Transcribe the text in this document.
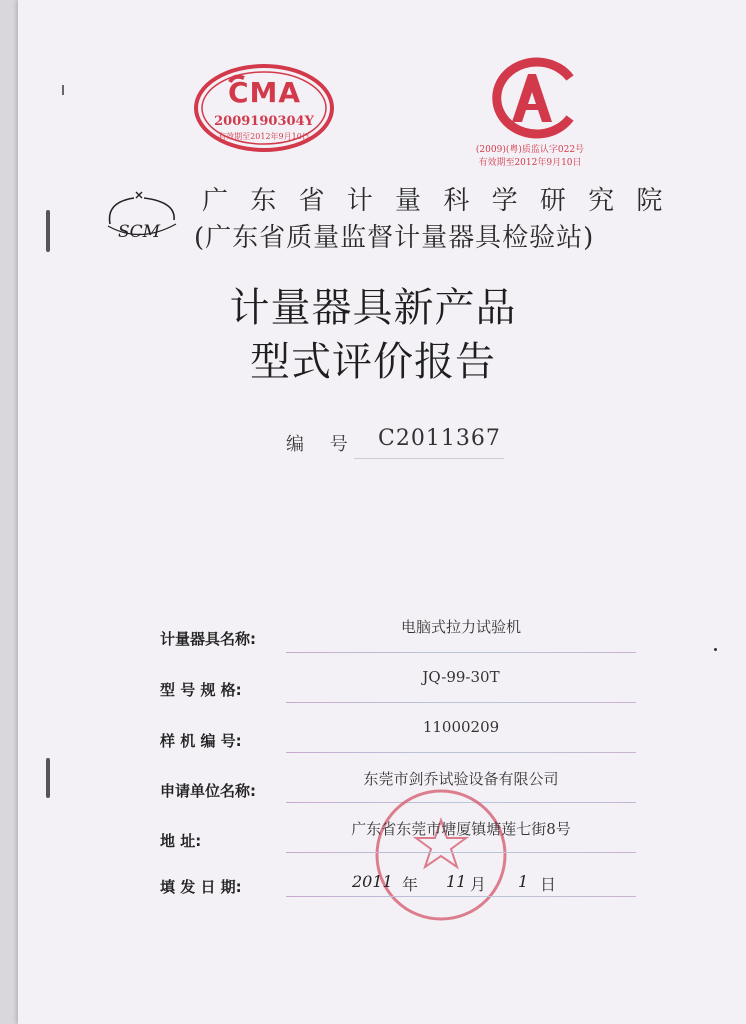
CMA
2009190304Y
有效期至2012年9月10日
(2009)(粤)质监认字022号
有效期至2012年9月10日
SCM
广 东 省 计 量 科 学 研 究 院
(广东省质量监督计量器具检验站)
计量器具新产品
型式评价报告
编 号 C2011367
计量器具名称:
电脑式拉力试验机
型 号 规 格:
JQ-99-30T
样 机 编 号:
11000209
申请单位名称:
东莞市剑乔试验设备有限公司
地 址:
广东省东莞市塘厦镇塘莲七街8号
填 发 日 期:	2011 年 11 月 1 日
